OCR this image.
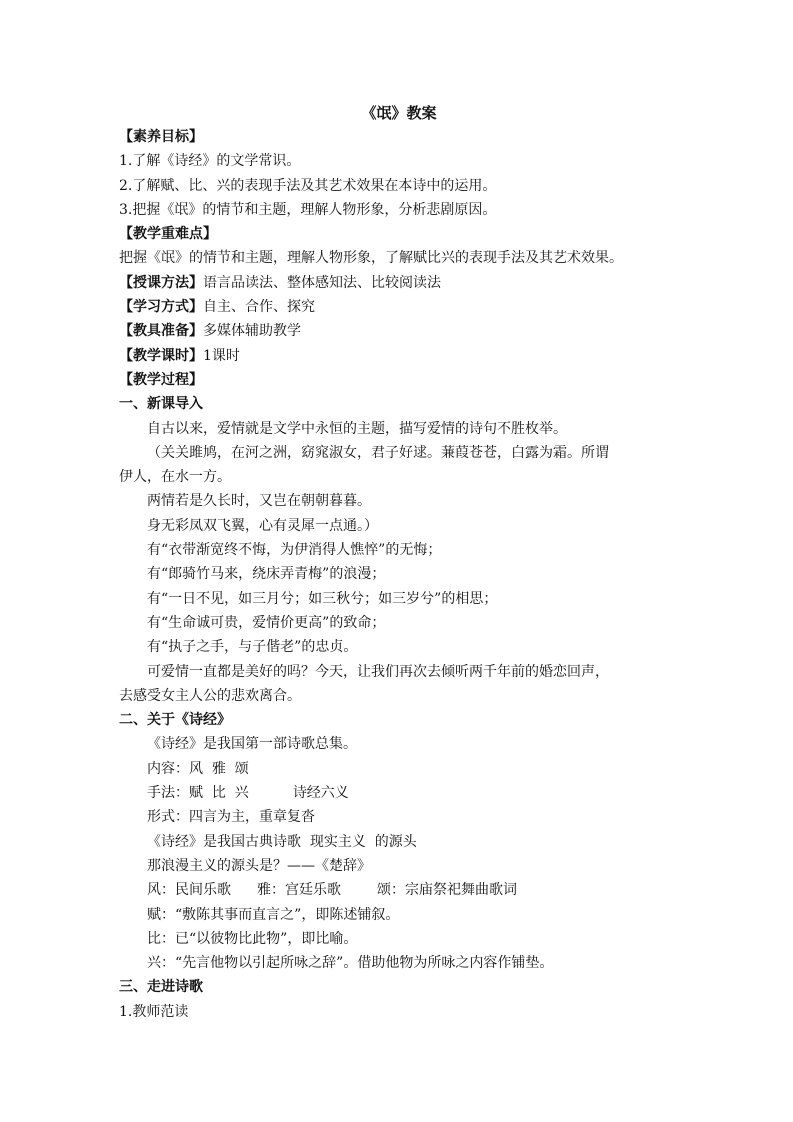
《氓》教案
【素养目标】
1.了解《诗经》的文学常识。
2.了解赋、比、兴的表现手法及其艺术效果在本诗中的运用。
3.把握《氓》的情节和主题，理解人物形象，分析悲剧原因。
【教学重难点】
把握《氓》的情节和主题，理解人物形象，了解赋比兴的表现手法及其艺术效果。
【授课方法】语言品读法、整体感知法、比较阅读法
【学习方式】自主、合作、探究
【教具准备】多媒体辅助教学
【教学课时】1课时
【教学过程】
一、新课导入
自古以来，爱情就是文学中永恒的主题，描写爱情的诗句不胜枚举。
（关关雎鸠，在河之洲，窈窕淑女，君子好逑。蒹葭苍苍，白露为霜。所谓
伊人，在水一方。
两情若是久长时，又岂在朝朝暮暮。
身无彩凤双飞翼，心有灵犀一点通。）
有“衣带渐宽终不悔，为伊消得人憔悴”的无悔；
有“郎骑竹马来，绕床弄青梅”的浪漫；
有“一日不见，如三月兮；如三秋兮；如三岁兮”的相思；
有“生命诚可贵，爱情价更高”的致命；
有“执子之手，与子偕老”的忠贞。
可爱情一直都是美好的吗？今天，让我们再次去倾听两千年前的婚恋回声，
去感受女主人公的悲欢离合。
二、关于《诗经》
《诗经》是我国第一部诗歌总集。
内容：风  雅  颂
手法：赋  比  兴	诗经六义
形式：四言为主，重章复沓
《诗经》是我国古典诗歌  现实主义  的源头
那浪漫主义的源头是？——《楚辞》
风：民间乐歌 雅：宫廷乐歌	颂：宗庙祭祀舞曲歌词
赋：“敷陈其事而直言之”，即陈述铺叙。
比：已“以彼物比此物”，即比喻。
兴：“先言他物以引起所咏之辞”。借助他物为所咏之内容作铺垫。
三、走进诗歌
1.教师范读
